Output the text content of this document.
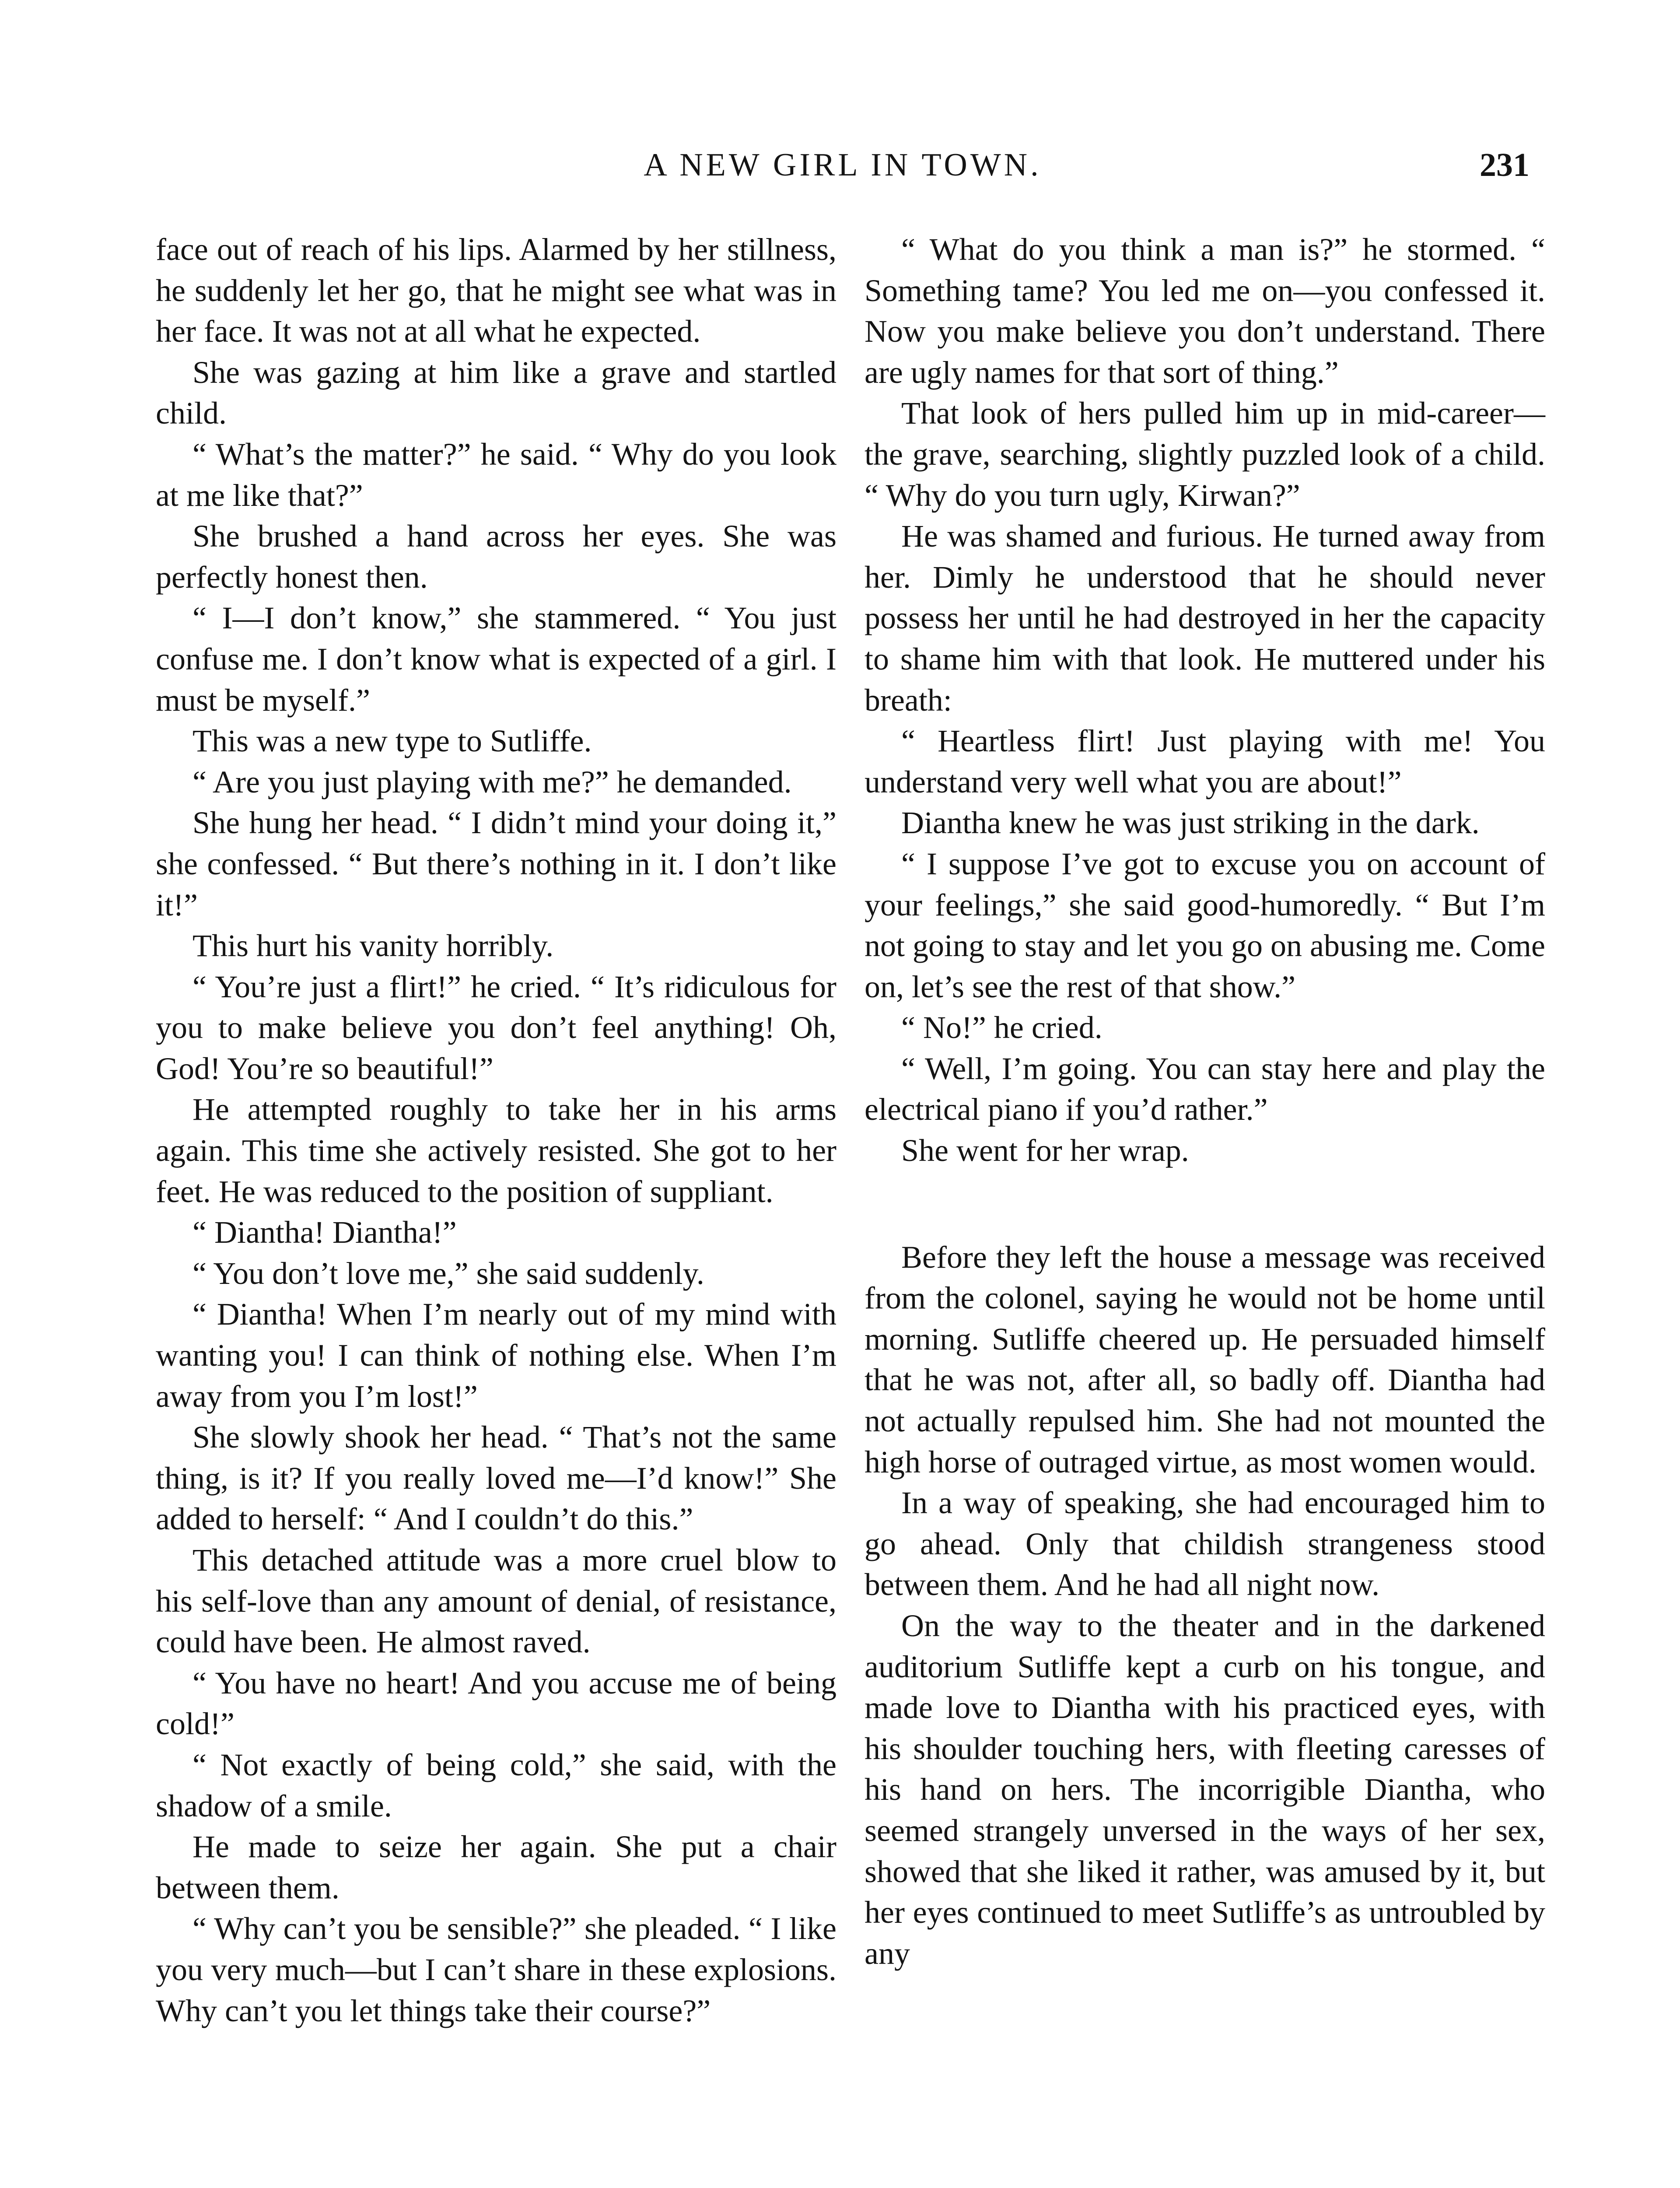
A NEW GIRL IN TOWN.	231

face out of reach of his lips. Alarmed by her stillness, he suddenly let her go, that he might see what was in her face. It was not at all what he expected.

She was gazing at him like a grave and startled child.

“ What’s the matter?” he said. “ Why do you look at me like that?”

She brushed a hand across her eyes. She was perfectly honest then.

“ I—I don’t know,” she stammered. “ You just confuse me. I don’t know what is expected of a girl. I must be myself.”

This was a new type to Sutliffe.

“ Are you just playing with me?” he demanded.

She hung her head. “ I didn’t mind your doing it,” she confessed. “ But there’s nothing in it. I don’t like it!”

This hurt his vanity horribly.

“ You’re just a flirt!” he cried. “ It’s ridiculous for you to make believe you don’t feel anything! Oh, God! You’re so beautiful!”

He attempted roughly to take her in his arms again. This time she actively resisted. She got to her feet. He was reduced to the position of suppliant.

“ Diantha! Diantha!”

“ You don’t love me,” she said suddenly.

“ Diantha! When I’m nearly out of my mind with wanting you! I can think of nothing else. When I’m away from you I’m lost!”

She slowly shook her head. “ That’s not the same thing, is it? If you really loved me—I’d know!” She added to herself: “ And I couldn’t do this.”

This detached attitude was a more cruel blow to his self-love than any amount of denial, of resistance, could have been. He almost raved.

“ You have no heart! And you accuse me of being cold!”

“ Not exactly of being cold,” she said, with the shadow of a smile.

He made to seize her again. She put a chair between them.

“ Why can’t you be sensible?” she pleaded. “ I like you very much—but I can’t share in these explosions. Why can’t you let things take their course?”

“ What do you think a man is?” he stormed. “ Something tame? You led me on—you confessed it. Now you make believe you don’t understand. There are ugly names for that sort of thing.”

That look of hers pulled him up in mid-career—the grave, searching, slightly puzzled look of a child. “ Why do you turn ugly, Kirwan?”

He was shamed and furious. He turned away from her. Dimly he understood that he should never possess her until he had destroyed in her the capacity to shame him with that look. He muttered under his breath:

“ Heartless flirt! Just playing with me! You understand very well what you are about!”

Diantha knew he was just striking in the dark.

“ I suppose I’ve got to excuse you on account of your feelings,” she said good-humoredly. “ But I’m not going to stay and let you go on abusing me. Come on, let’s see the rest of that show.”

“ No!” he cried.

“ Well, I’m going. You can stay here and play the electrical piano if you’d rather.”

She went for her wrap.

Before they left the house a message was received from the colonel, saying he would not be home until morning. Sutliffe cheered up. He persuaded himself that he was not, after all, so badly off. Diantha had not actually repulsed him. She had not mounted the high horse of outraged virtue, as most women would.

In a way of speaking, she had encouraged him to go ahead. Only that childish strangeness stood between them. And he had all night now.

On the way to the theater and in the darkened auditorium Sutliffe kept a curb on his tongue, and made love to Diantha with his practiced eyes, with his shoulder touching hers, with fleeting caresses of his hand on hers. The incorrigible Diantha, who seemed strangely unversed in the ways of her sex, showed that she liked it rather, was amused by it, but her eyes continued to meet Sutliffe’s as untroubled by any
